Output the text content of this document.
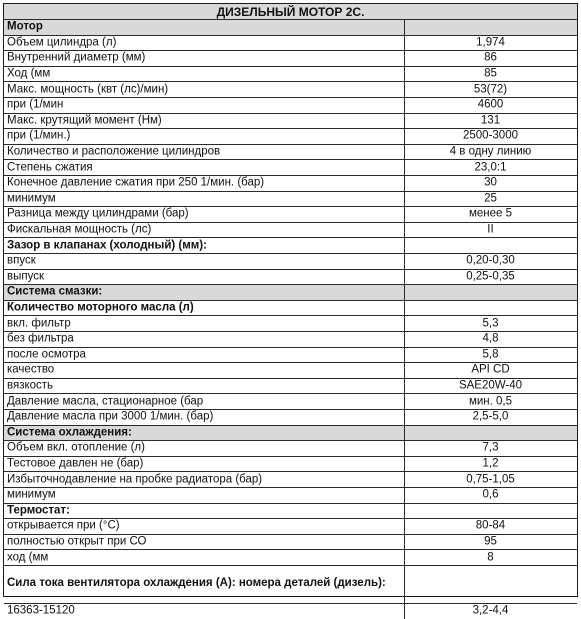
ДИЗЕЛЬНЫЙ МОТОР 2С.
Мотор
Объем цилиндра (л)	1,974
Внутренний диаметр (мм)	86
Ход (мм	85
Макс. мощность (квт (лс)/мин)	53(72)
при (1/мин	4600
Макс. крутящий момент (Нм)	131
при (1/мин.)	2500-3000
Количество и расположение цилиндров	4 в одну линию
Степень сжатия	23,0:1
Конечное давление сжатия при 250 1/мин. (бар)	30
минимум	25
Разница между цилиндрами (бар)	менее 5
Фискальная мощность (лс)	II
Зазор в клапанах (холодный) (мм):
впуск	0,20-0,30
выпуск	0,25-0,35
Система смазки:
Количество моторного масла (л)
вкл. фильтр	5,3
без фильтра	4,8
после осмотра	5,8
качество	API CD
вязкость	SAE20W-40
Давление масла, стационарное (бар	мин. 0,5
Давление масла при 3000 1/мин. (бар)	2,5-5,0
Система охлаждения:
Объем вкл. отопление (л)	7,3
Тестовое давлен не (бар)	1,2
Избыточнодавление на пробке радиатора (бар)	0,75-1,05
минимум	0,6
Термостат:
открывается при (°С)	80-84
полностью открыт при СО	95
ход (мм	8
Сила тока вентилятора охлаждения (А): номера деталей (дизель):
16363-15120	3,2-4,4
